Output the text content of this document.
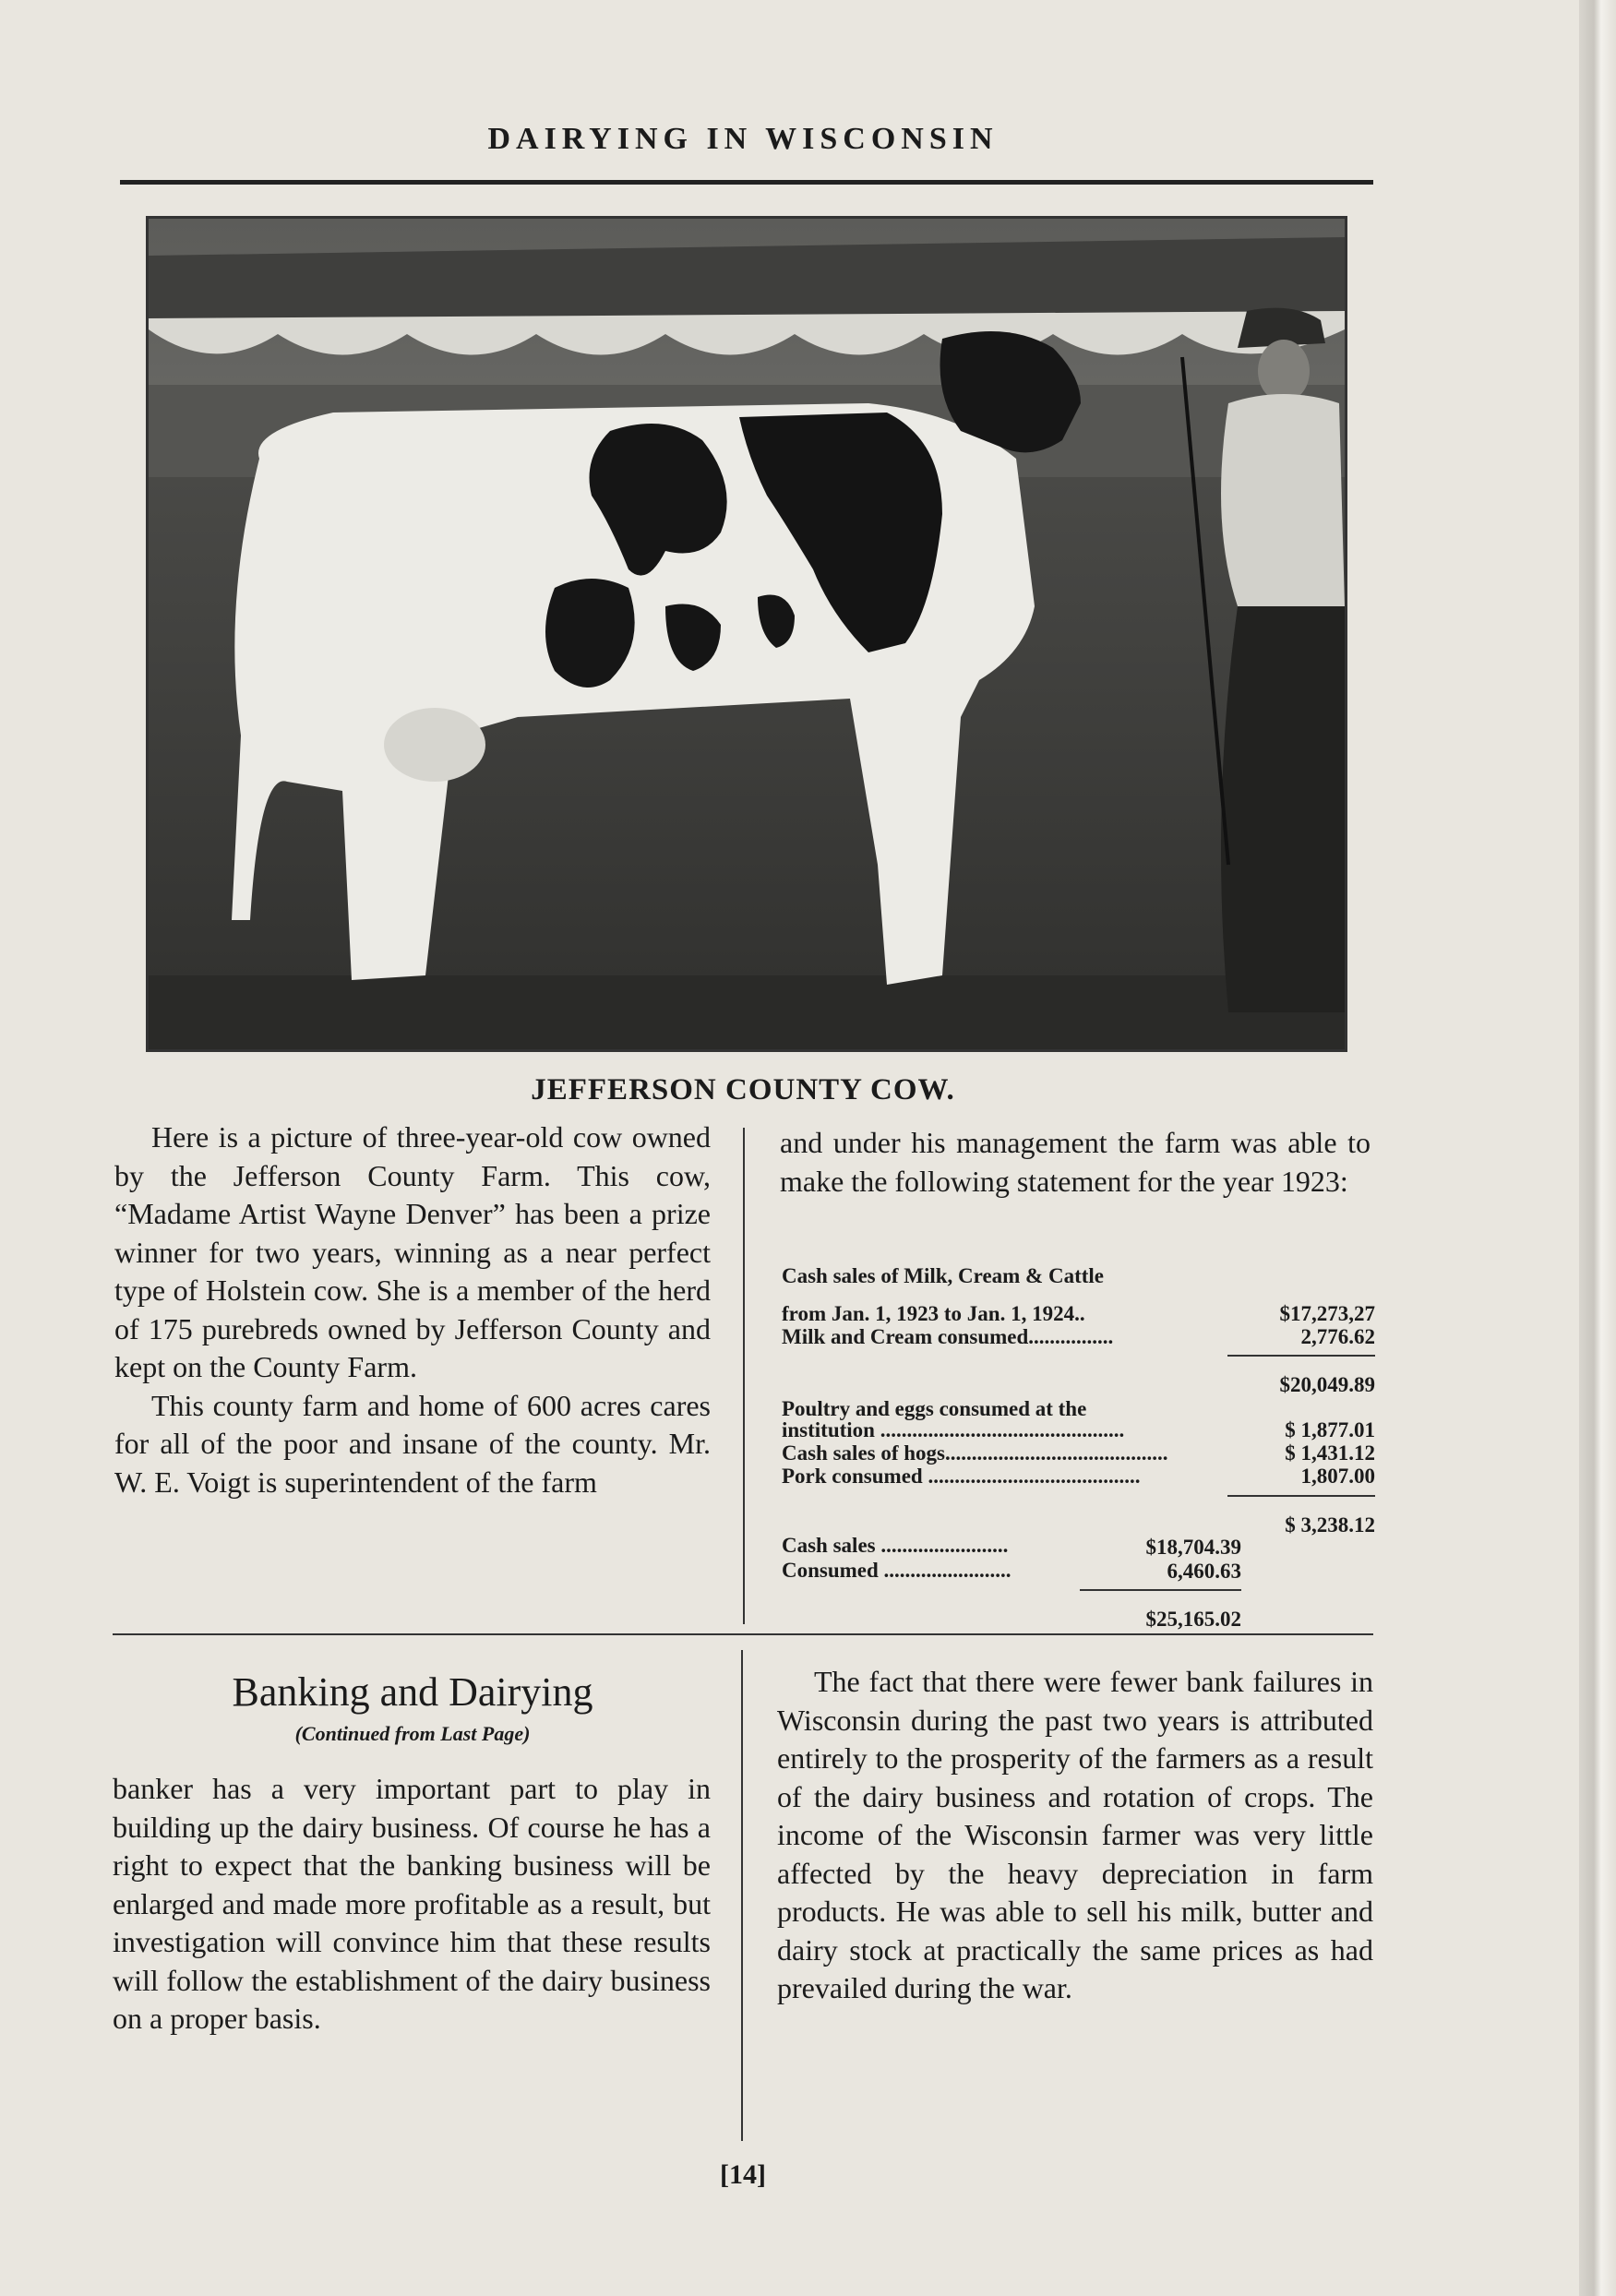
DAIRYING IN WISCONSIN
JEFFERSON COUNTY COW.

Here is a picture of three-year-old cow owned by the Jefferson County Farm. This cow, “Madame Artist Wayne Denver” has been a prize winner for two years, winning as a near perfect type of Holstein cow. She is a member of the herd of 175 purebreds owned by Jefferson County and kept on the County Farm.

This county farm and home of 600 acres cares for all of the poor and insane of the county. Mr. W. E. Voigt is superintendent of the farm

and under his management the farm was able to make the following statement for the year 1923:

Cash sales of Milk, Cream & Cattle
from Jan. 1, 1923 to Jan. 1, 1924..	$17,273,27
Milk and Cream consumed................	2,776.62
$20,049.89
Poultry and eggs consumed at the
institution ..............................................	$ 1,877.01
Cash sales of hogs..........................................	$ 1,431.12
Pork consumed ........................................	1,807.00
$ 3,238.12
Cash sales ........................	$18,704.39
Consumed ........................	6,460.63
$25,165.02
Banking and Dairying
(Continued from Last Page)

banker has a very important part to play in building up the dairy business. Of course he has a right to expect that the banking business will be enlarged and made more profitable as a result, but investigation will convince him that these results will follow the establishment of the dairy business on a proper basis.

The fact that there were fewer bank failures in Wisconsin during the past two years is attributed entirely to the prosperity of the farmers as a result of the dairy business and rotation of crops. The income of the Wisconsin farmer was very little affected by the heavy depreciation in farm products. He was able to sell his milk, butter and dairy stock at practically the same prices as had prevailed during the war.

[14]
